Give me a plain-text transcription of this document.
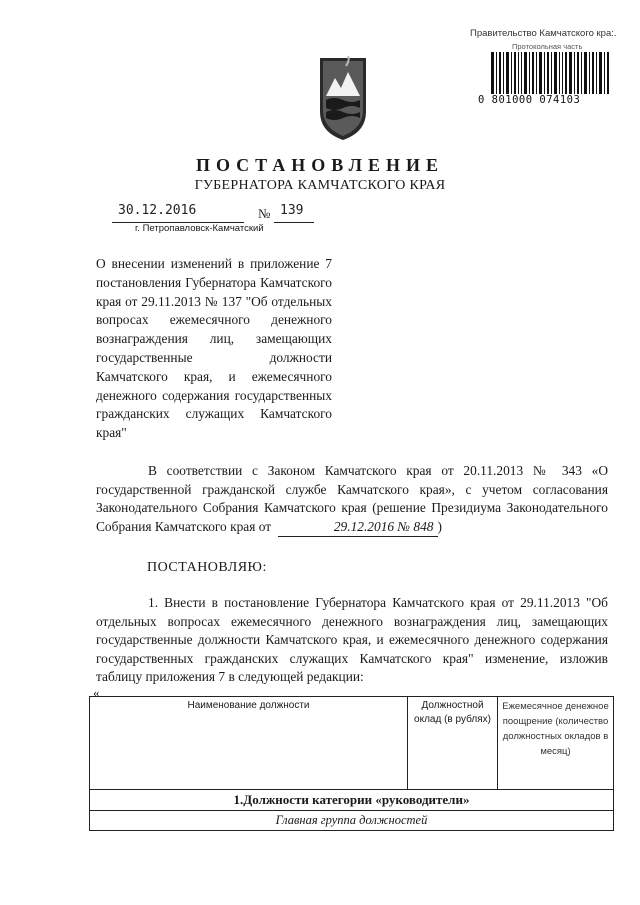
Правительство Камчатского кра:.
Протокольная часть
0 801000 074103
ПОСТАНОВЛЕНИЕ
ГУБЕРНАТОРА КАМЧАТСКОГО КРАЯ
30.12.2016	№ 139
г. Петропавловск-Камчатский
О внесении изменений в приложение 7 постановления Губернатора Камчатского края от 29.11.2013 № 137 "Об отдельных вопросах ежемесячного денежного вознаграждения лиц, замещающих государственные должности Камчатского края, и ежемесячного денежного содержания государственных гражданских служащих Камчатского края"
В соответствии с Законом Камчатского края от 20.11.2013 № 343 «О государственной гражданской службе Камчатского края», с учетом согласования Законодательного Собрания Камчатского края (решение Президиума Законодательного Собрания Камчатского края от	29.12.2016 № 848 )
ПОСТАНОВЛЯЮ:
1. Внести в постановление Губернатора Камчатского края от 29.11.2013 "Об отдельных вопросах ежемесячного денежного вознаграждения лиц, замещающих государственные должности Камчатского края, и ежемесячного денежного содержания государственных гражданских служащих Камчатского края" изменение, изложив таблицу приложения 7 в следующей редакции:
«
Наименование должности	Должностной оклад (в рублях)	Ежемесячное денежное поощрение (количество должностных окладов в месяц)
1.Должности категории «руководители»
Главная группа должностей
